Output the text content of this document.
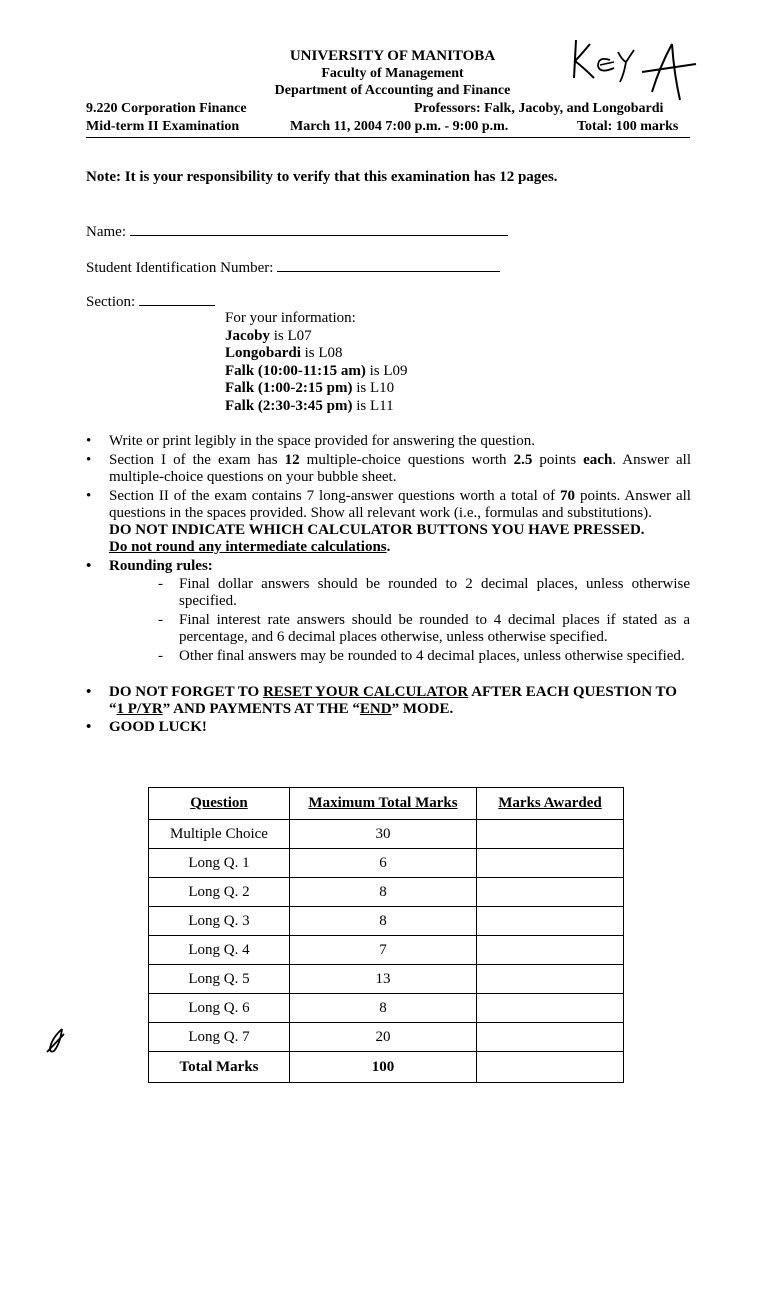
UNIVERSITY OF MANITOBA
Faculty of Management
Department of Accounting and Finance
9.220 Corporation Finance	Professors: Falk, Jacoby, and Longobardi
Mid-term II Examination	March 11, 2004 7:00 p.m. - 9:00 p.m.	Total: 100 marks
Note: It is your responsibility to verify that this examination has 12 pages.
Name:
Student Identification Number:
Section:
For your information:
Jacoby is L07
Longobardi is L08
Falk (10:00-11:15 am) is L09
Falk (1:00-2:15 pm) is L10
Falk (2:30-3:45 pm) is L11
• Write or print legibly in the space provided for answering the question.
• Section I of the exam has 12 multiple-choice questions worth 2.5 points each. Answer all multiple-choice questions on your bubble sheet.
• Section II of the exam contains 7 long-answer questions worth a total of 70 points. Answer all questions in the spaces provided. Show all relevant work (i.e., formulas and substitutions).
DO NOT INDICATE WHICH CALCULATOR BUTTONS YOU HAVE PRESSED.
Do not round any intermediate calculations.
• Rounding rules:
- Final dollar answers should be rounded to 2 decimal places, unless otherwise specified.
- Final interest rate answers should be rounded to 4 decimal places if stated as a percentage, and 6 decimal places otherwise, unless otherwise specified.
- Other final answers may be rounded to 4 decimal places, unless otherwise specified.
• DO NOT FORGET TO RESET YOUR CALCULATOR AFTER EACH QUESTION TO “1 P/YR” AND PAYMENTS AT THE “END” MODE.
• GOOD LUCK!
Question	Maximum Total Marks	Marks Awarded
Multiple Choice	30	
Long Q. 1	6	
Long Q. 2	8	
Long Q. 3	8	
Long Q. 4	7	
Long Q. 5	13	
Long Q. 6	8	
Long Q. 7	20	
Total Marks	100	
